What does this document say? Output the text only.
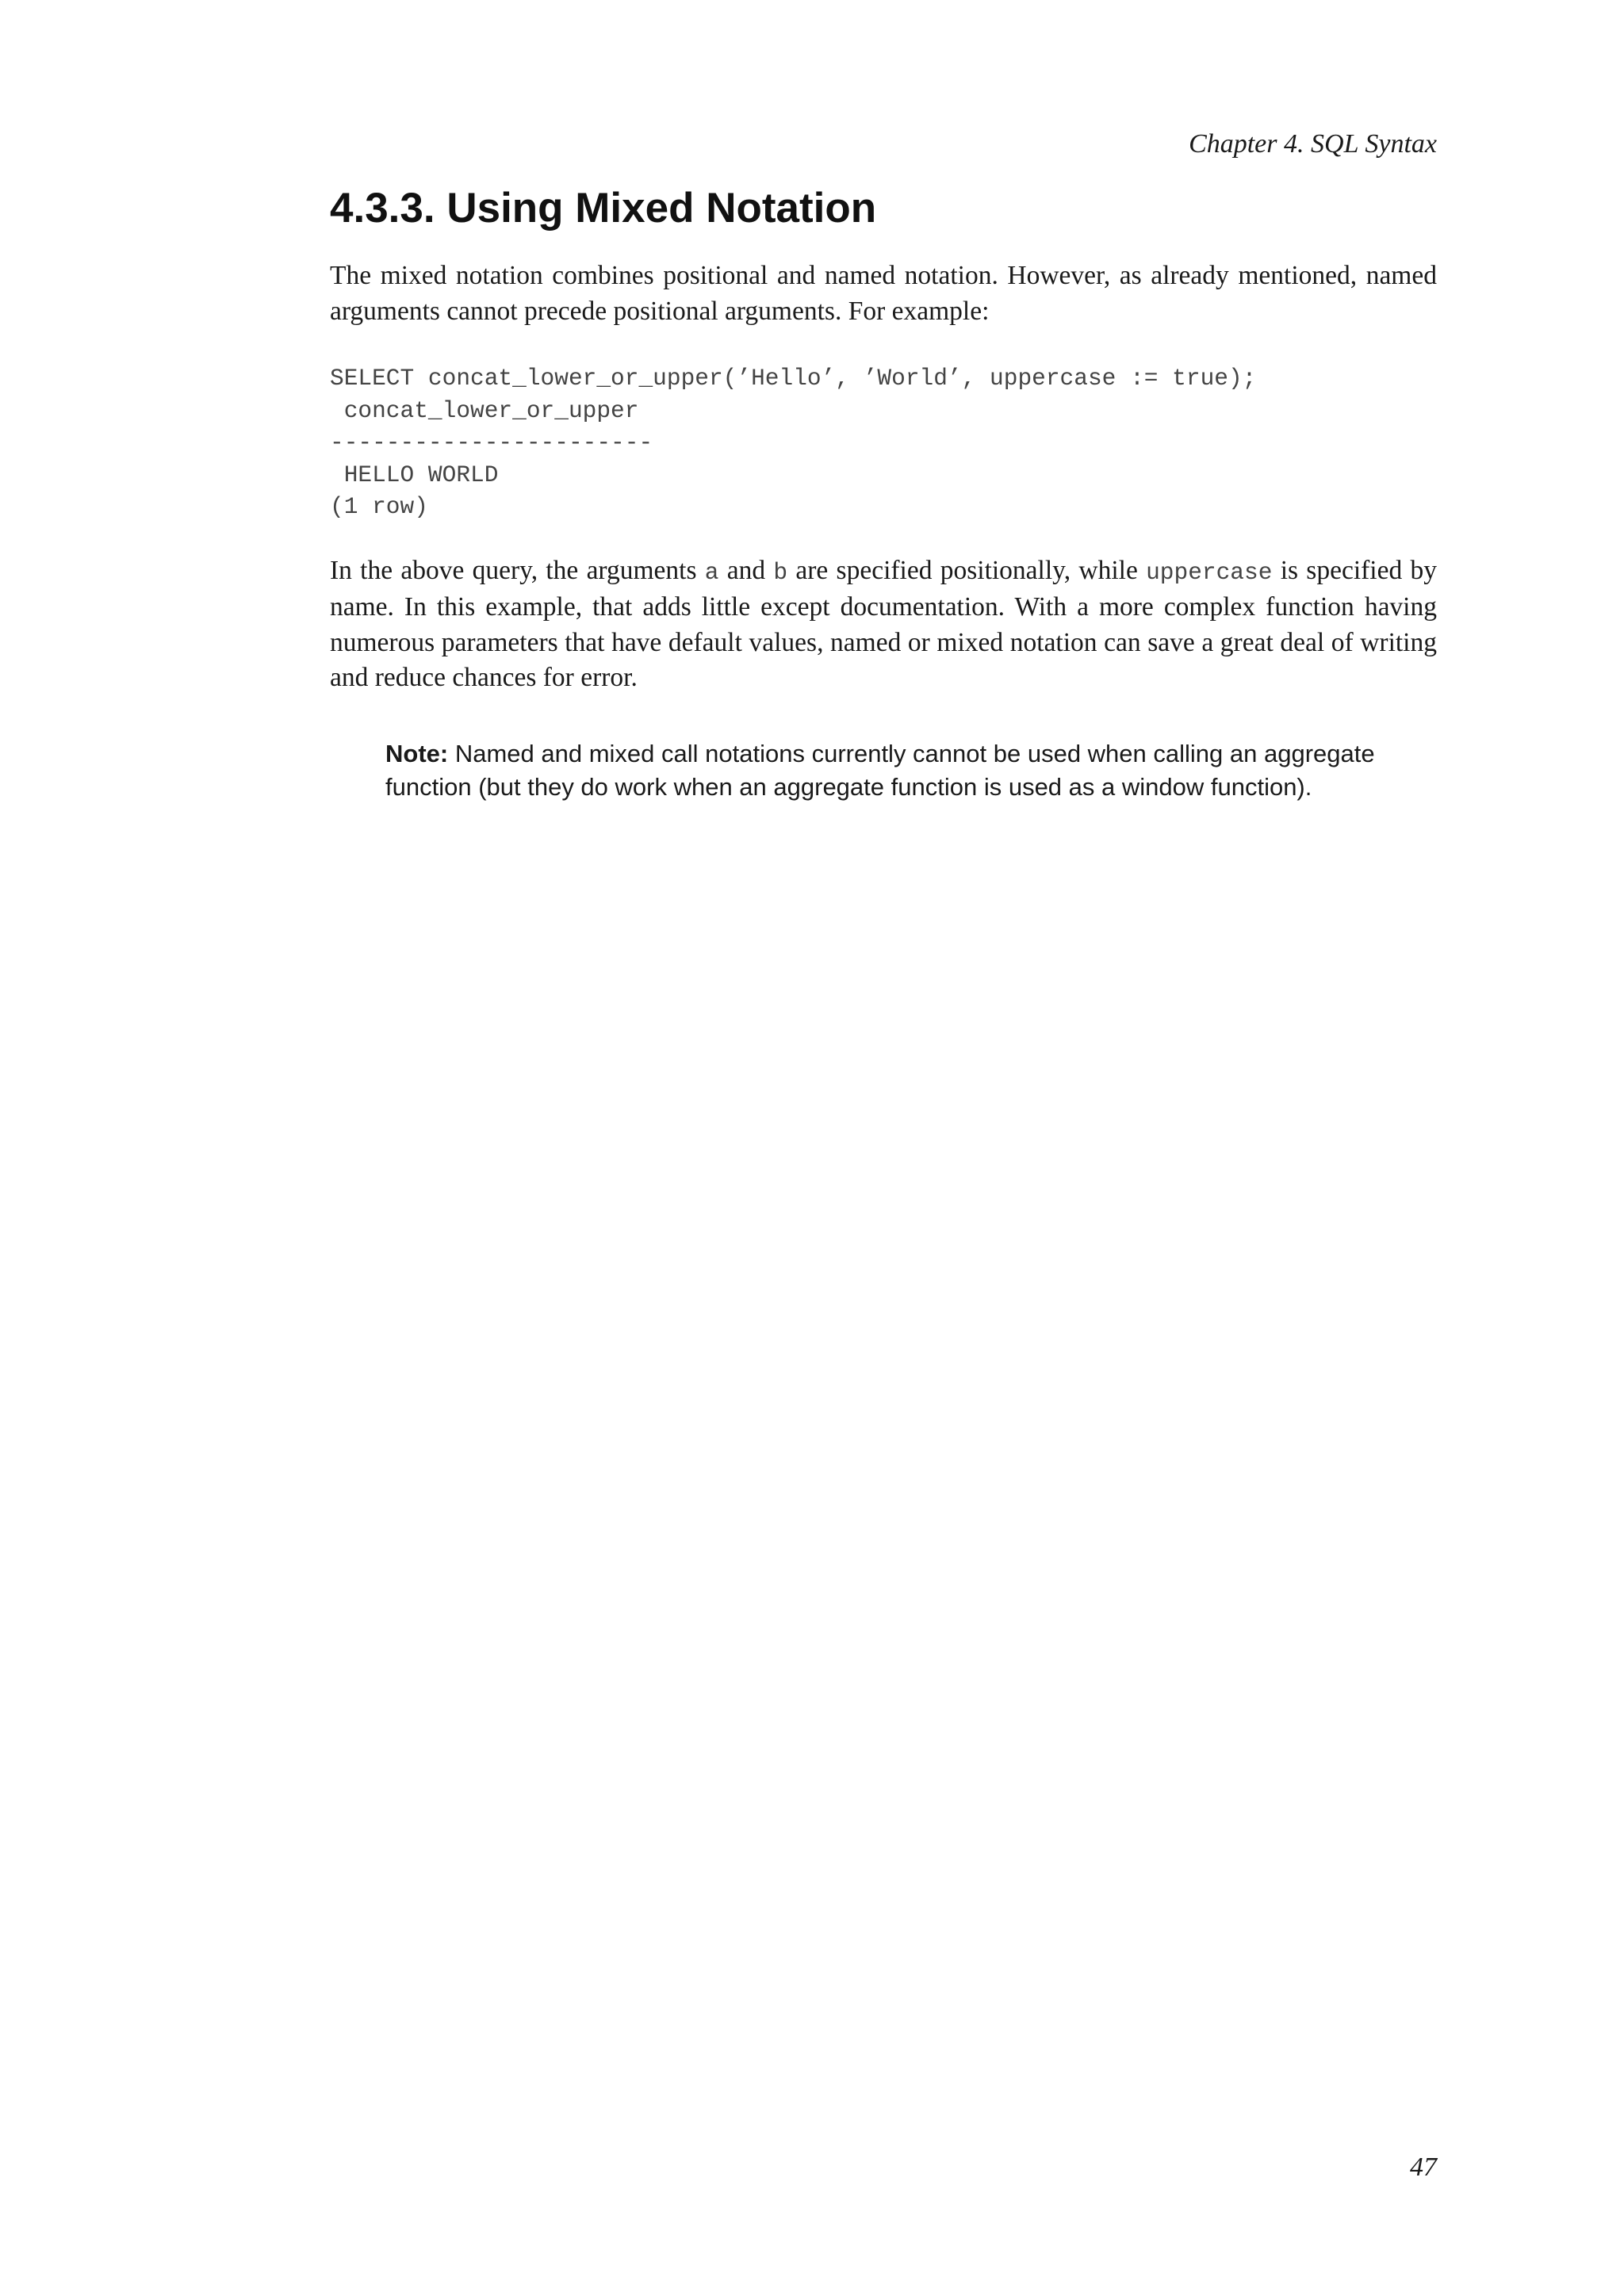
Chapter 4. SQL Syntax
4.3.3. Using Mixed Notation

The mixed notation combines positional and named notation. However, as already mentioned, named arguments cannot precede positional arguments. For example:

SELECT concat_lower_or_upper(’Hello’, ’World’, uppercase := true);
concat_lower_or_upper
-----------------------
HELLO WORLD
(1 row)

In the above query, the arguments a and b are specified positionally, while uppercase is specified by name. In this example, that adds little except documentation. With a more complex function having numerous parameters that have default values, named or mixed notation can save a great deal of writing and reduce chances for error.

Note: Named and mixed call notations currently cannot be used when calling an aggregate function (but they do work when an aggregate function is used as a window function).
47
